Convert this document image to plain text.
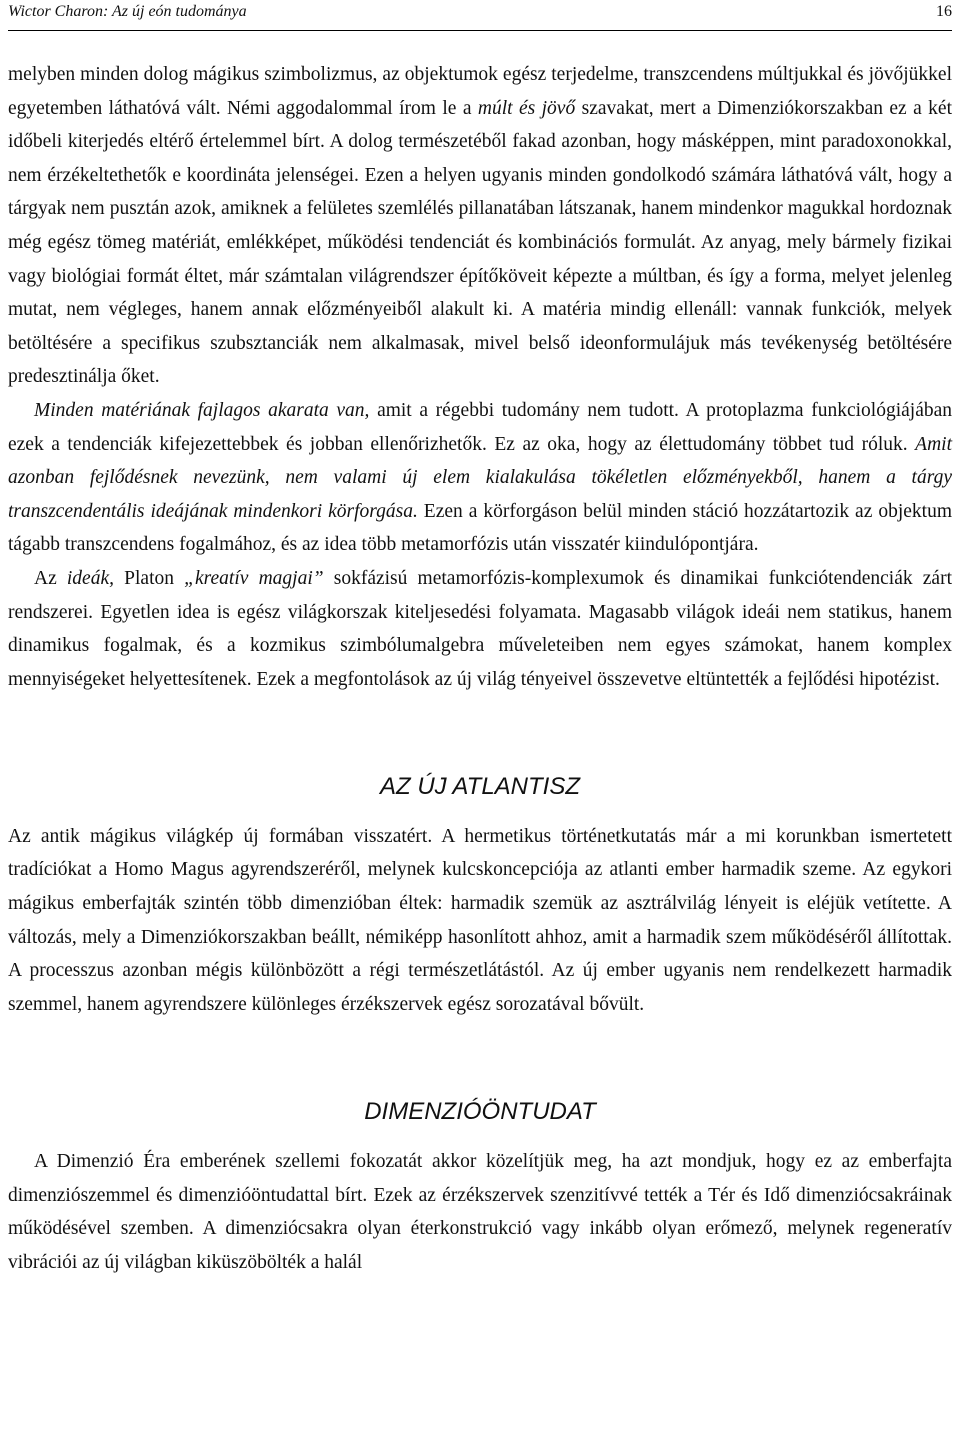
Wictor Charon: Az új eón tudománya	16

melyben minden dolog mágikus szimbolizmus, az objektumok egész terjedelme, transzcendens múltjukkal és jövőjükkel egyetemben láthatóvá vált. Némi aggodalommal írom le a múlt és jövő szavakat, mert a Dimenziókorszakban ez a két időbeli kiterjedés eltérő értelemmel bírt. A dolog természetéből fakad azonban, hogy másképpen, mint paradoxonokkal, nem érzékeltethetők e koordináta jelenségei. Ezen a helyen ugyanis minden gondolkodó számára láthatóvá vált, hogy a tárgyak nem pusztán azok, amiknek a felületes szemlélés pillanatában látszanak, hanem mindenkor magukkal hordoznak még egész tömeg matériát, emlékképet, működési tendenciát és kombinációs formulát. Az anyag, mely bármely fizikai vagy biológiai formát éltet, már számtalan világrendszer építőköveit képezte a múltban, és így a forma, melyet jelenleg mutat, nem végleges, hanem annak előzményeiből alakult ki. A matéria mindig ellenáll: vannak funkciók, melyek betöltésére a specifikus szubsztanciák nem alkalmasak, mivel belső ideonformulájuk más tevékenység betöltésére predesztinálja őket.

Minden matériának fajlagos akarata van, amit a régebbi tudomány nem tudott. A protoplazma funkciológiájában ezek a tendenciák kifejezettebbek és jobban ellenőrizhetők. Ez az oka, hogy az élettudomány többet tud róluk. Amit azonban fejlődésnek nevezünk, nem valami új elem kialakulása tökéletlen előzményekből, hanem a tárgy transzcendentális ideájának mindenkori körforgása. Ezen a körforgáson belül minden stáció hozzátartozik az objektum tágabb transzcendens fogalmához, és az idea több metamorfózis után visszatér kiindulópontjára.

Az ideák, Platon „kreatív magjai” sokfázisú metamorfózis-komplexumok és dinamikai funkciótendenciák zárt rendszerei. Egyetlen idea is egész világkorszak kiteljesedési folyamata. Magasabb világok ideái nem statikus, hanem dinamikus fogalmak, és a kozmikus szimbólumalgebra műveleteiben nem egyes számokat, hanem komplex mennyiségeket helyettesítenek. Ezek a megfontolások az új világ tényeivel összevetve eltüntették a fejlődési hipotézist.

AZ ÚJ ATLANTISZ

Az antik mágikus világkép új formában visszatért. A hermetikus történetkutatás már a mi korunkban ismertetett tradíciókat a Homo Magus agyrendszeréről, melynek kulcskoncepciója az atlanti ember harmadik szeme. Az egykori mágikus emberfajták szintén több dimenzióban éltek: harmadik szemük az asztrálvilág lényeit is eléjük vetítette. A változás, mely a Dimenziókorszakban beállt, némiképp hasonlított ahhoz, amit a harmadik szem működéséről állítottak. A processzus azonban mégis különbözött a régi természetlátástól. Az új ember ugyanis nem rendelkezett harmadik szemmel, hanem agyrendszere különleges érzékszervek egész sorozatával bővült.

DIMENZIÓÖNTUDAT

A Dimenzió Éra emberének szellemi fokozatát akkor közelítjük meg, ha azt mondjuk, hogy ez az emberfajta dimenziószemmel és dimenzióöntudattal bírt. Ezek az érzékszervek szenzitívvé tették a Tér és Idő dimenziócsakráinak működésével szemben. A dimenziócsakra olyan éterkonstrukció vagy inkább olyan erőmező, melynek regeneratív vibrációi az új világban kiküszöbölték a halál
